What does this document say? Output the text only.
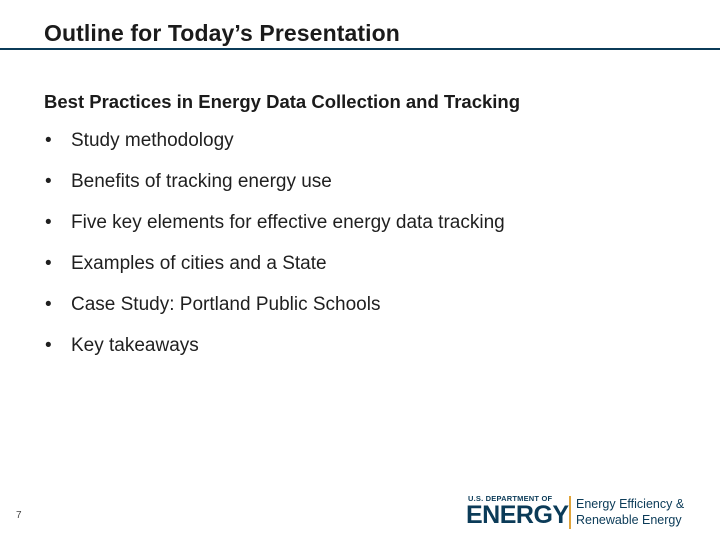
Outline for Today’s Presentation
Best Practices in Energy Data Collection and Tracking
•	Study methodology
•	Benefits of tracking energy use
•	Five key elements for effective energy data tracking
•	Examples of cities and a State
•	Case Study: Portland Public Schools
•	Key takeaways
7
U.S. DEPARTMENT OF
ENERGY Energy Efficiency &
Renewable Energy
